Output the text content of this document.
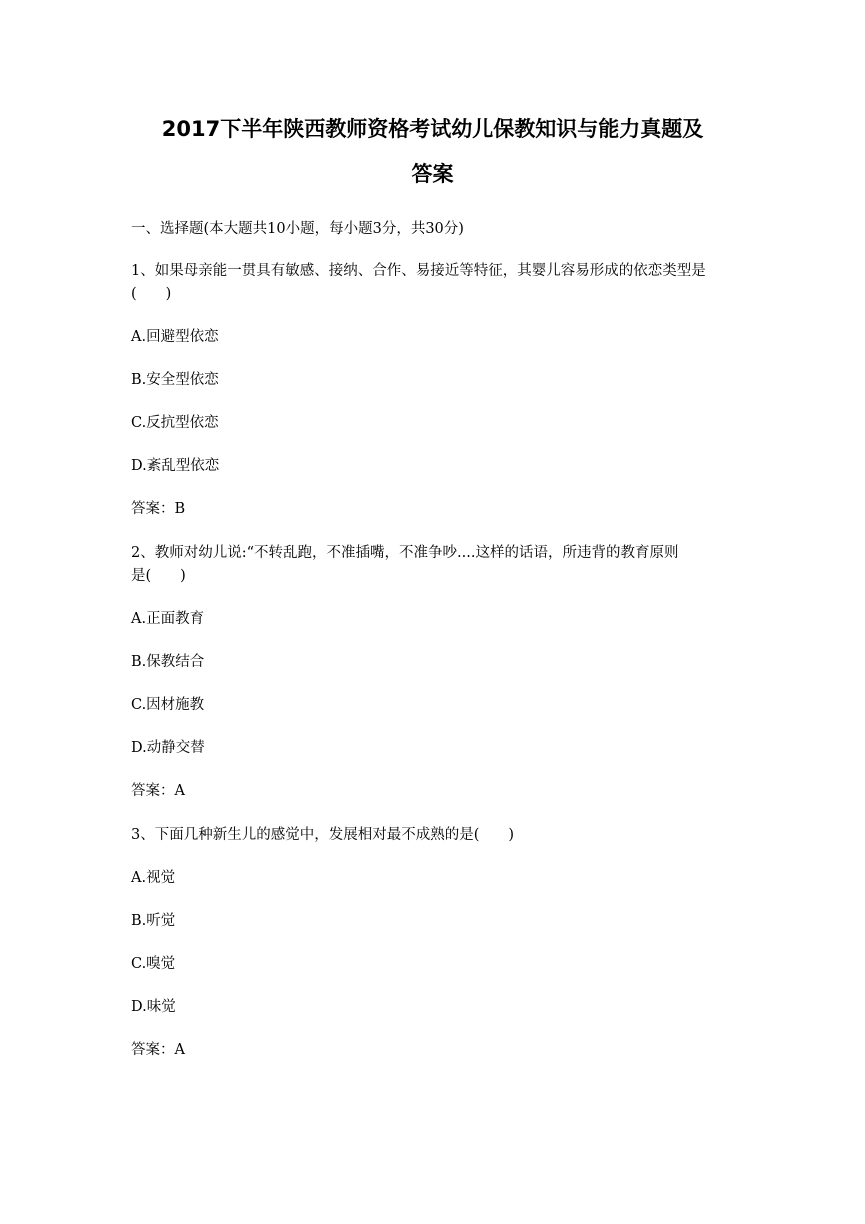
2017下半年陕西教师资格考试幼儿保教知识与能力真题及
答案
一、选择题(本大题共10小题，每小题3分，共30分)
1、如果母亲能一贯具有敏感、接纳、合作、易接近等特征，其婴儿容易形成的依恋类型是
(　　)
A.回避型依恋
B.安全型依恋
C.反抗型依恋
D.紊乱型依恋
答案：B
2、教师对幼儿说:“不转乱跑，不准插嘴，不准争吵....这样的话语，所违背的教育原则
是(　　)
A.正面教育
B.保教结合
C.因材施教
D.动静交替
答案：A
3、下面几种新生儿的感觉中，发展相对最不成熟的是(　　)
A.视觉
B.听觉
C.嗅觉
D.味觉
答案：A
